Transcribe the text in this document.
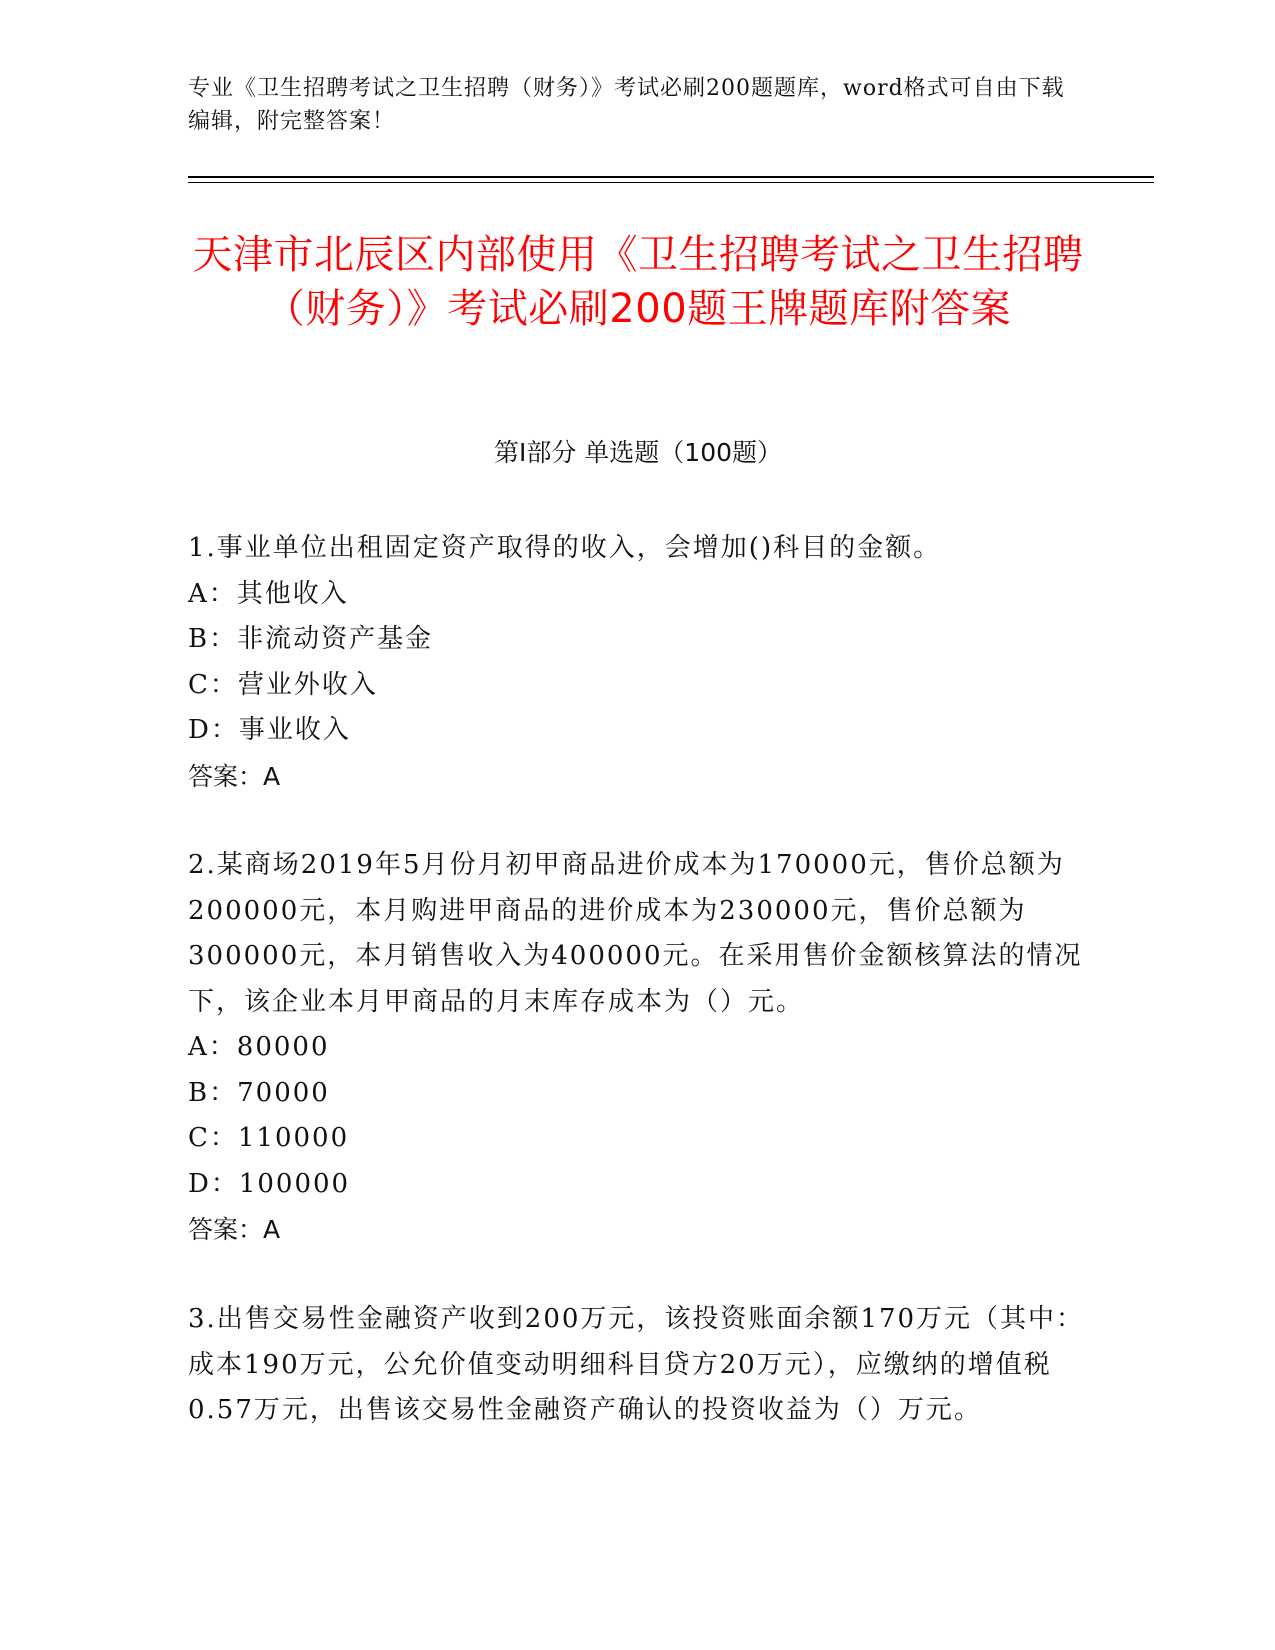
专业《卫生招聘考试之卫生招聘（财务）》考试必刷200题题库，word格式可自由下载编辑，附完整答案！
天津市北辰区内部使用《卫生招聘考试之卫生招聘（财务）》考试必刷200题王牌题库附答案
第I部分 单选题（100题）
1.事业单位出租固定资产取得的收入，会增加()科目的金额。
A：其他收入
B：非流动资产基金
C：营业外收入
D：事业收入
答案：A
2.某商场2019年5月份月初甲商品进价成本为170000元，售价总额为200000元，本月购进甲商品的进价成本为230000元，售价总额为300000元，本月销售收入为400000元。在采用售价金额核算法的情况下，该企业本月甲商品的月末库存成本为（）元。
A：80000
B：70000
C：110000
D：100000
答案：A
3.出售交易性金融资产收到200万元，该投资账面余额170万元（其中：成本190万元，公允价值变动明细科目贷方20万元），应缴纳的增值税0.57万元，出售该交易性金融资产确认的投资收益为（）万元。
